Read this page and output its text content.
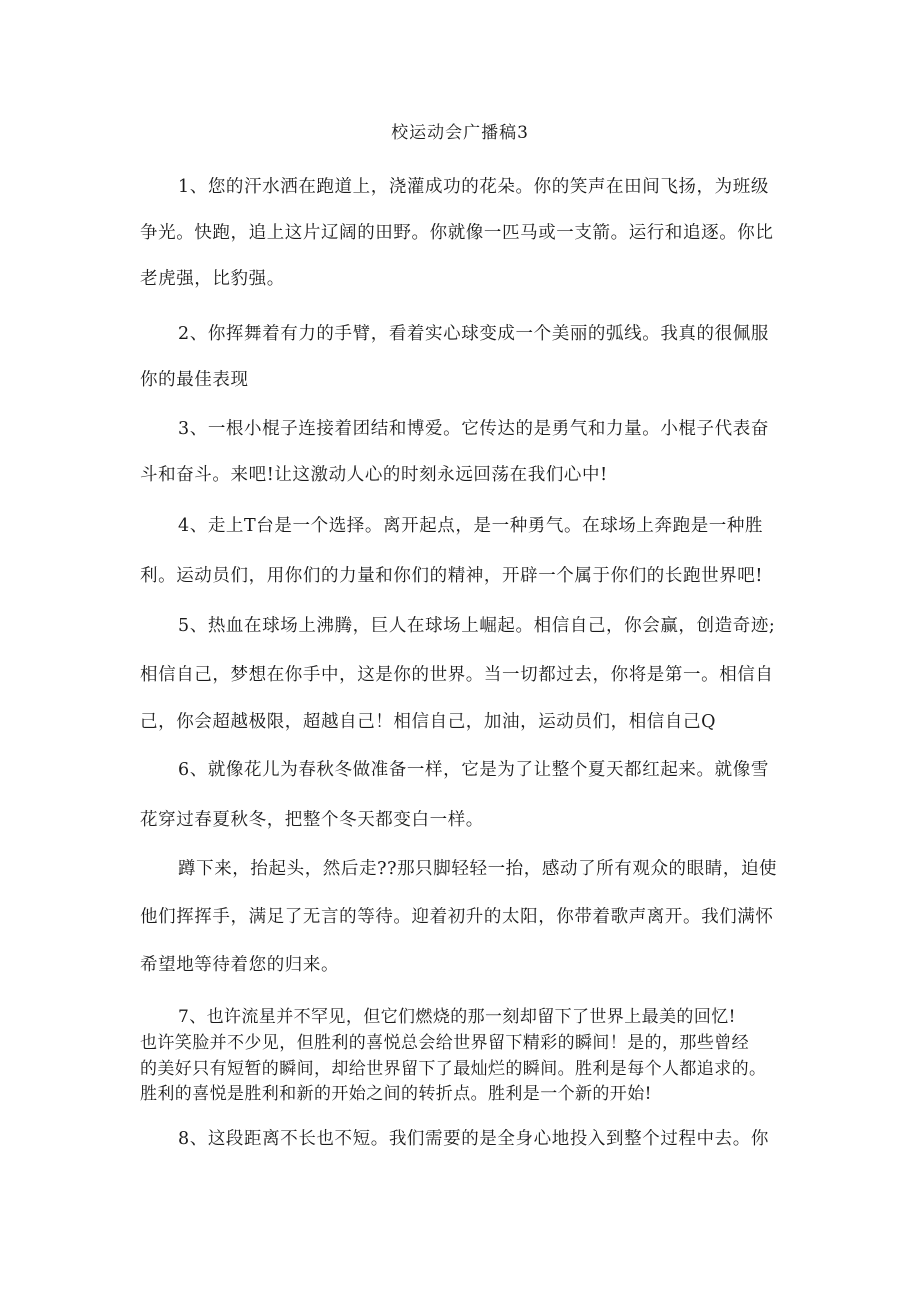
校运动会广播稿3
1、您的汗水洒在跑道上，浇灌成功的花朵。你的笑声在田间飞扬，为班级
争光。快跑，追上这片辽阔的田野。你就像一匹马或一支箭。运行和追逐。你比
老虎强，比豹强。
2、你挥舞着有力的手臂，看着实心球变成一个美丽的弧线。我真的很佩服
你的最佳表现
3、一根小棍子连接着团结和博爱。它传达的是勇气和力量。小棍子代表奋
斗和奋斗。来吧!让这激动人心的时刻永远回荡在我们心中!
4、走上T台是一个选择。离开起点，是一种勇气。在球场上奔跑是一种胜
利。运动员们，用你们的力量和你们的精神，开辟一个属于你们的长跑世界吧!
5、热血在球场上沸腾，巨人在球场上崛起。相信自己，你会赢，创造奇迹;
相信自己，梦想在你手中，这是你的世界。当一切都过去，你将是第一。相信自
己，你会超越极限，超越自己！相信自己，加油，运动员们，相信自己Q
6、就像花儿为春秋冬做准备一样，它是为了让整个夏天都红起来。就像雪
花穿过春夏秋冬，把整个冬天都变白一样。
蹲下来，抬起头，然后走??那只脚轻轻一抬，感动了所有观众的眼睛，迫使
他们挥挥手，满足了无言的等待。迎着初升的太阳，你带着歌声离开。我们满怀
希望地等待着您的归来。
7、也许流星并不罕见，但它们燃烧的那一刻却留下了世界上最美的回忆!
也许笑脸并不少见，但胜利的喜悦总会给世界留下精彩的瞬间！是的，那些曾经
的美好只有短暂的瞬间，却给世界留下了最灿烂的瞬间。胜利是每个人都追求的。
胜利的喜悦是胜利和新的开始之间的转折点。胜利是一个新的开始!
8、这段距离不长也不短。我们需要的是全身心地投入到整个过程中去。你
